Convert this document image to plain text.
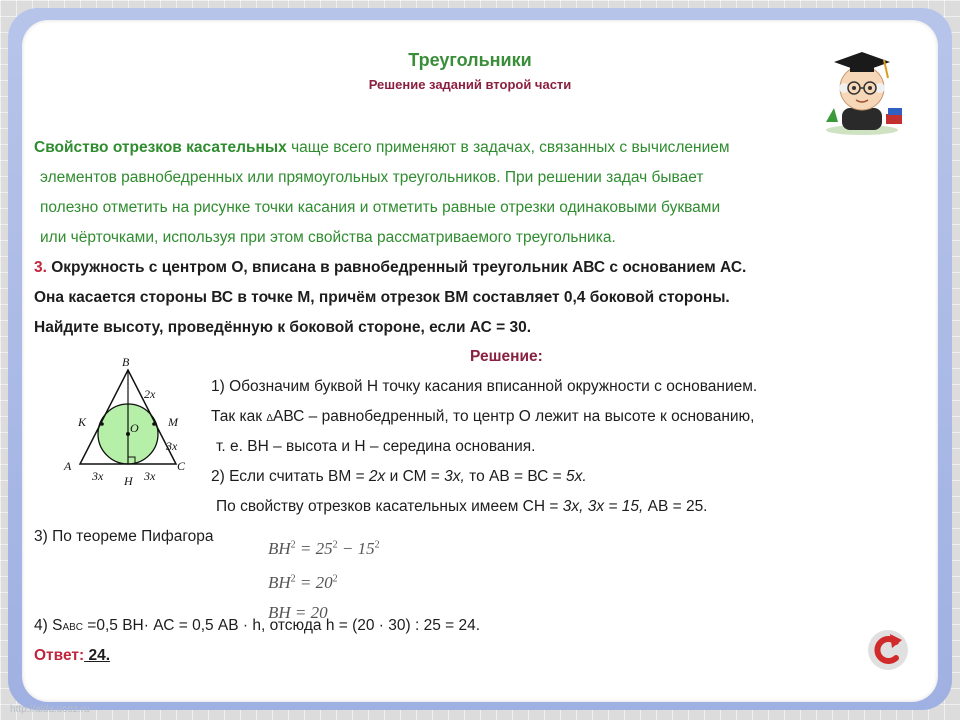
http://aida.ucoz.ru
Треугольники
Решение заданий второй части
Свойство отрезков касательных чаще всего применяют в задачах, связанных с вычислением
элементов равнобедренных или прямоугольных треугольников. При решении задач бывает
полезно отметить на рисунке точки касания и отметить равные отрезки одинаковыми буквами
или чёрточками, используя при этом свойства рассматриваемого треугольника.
3. Окружность с центром О, вписана в равнобедренный треугольник АВС с основанием АС.
Она касается стороны ВС в точке М, причём отрезок ВМ составляет 0,4 боковой стороны.
Найдите высоту, проведённую к боковой стороне, если АС = 30.
B
A	C
K	M
O
H
2x
3x
3x	3x
Решение:
1) Обозначим буквой Н точку касания вписанной окружности с основанием.
Так как ΔАВС – равнобедренный, то центр О лежит на высоте к основанию,
т. е. ВН – высота и Н – середина основания.
2) Если считать ВМ = 2х и СМ = 3х, то АВ = ВС = 5х.
По свойству отрезков касательных имеем СН = 3х, 3х = 15, АВ = 25.
3) По теореме Пифагора
$BH^2 = 25^2 - 15^2$
$BH^2 = 20^2$
BH = 20
4) SABC =0,5 ВН· АС = 0,5 АВ · h, отсюда h = (20 · 30) : 25 = 24.
Ответ: 24.
